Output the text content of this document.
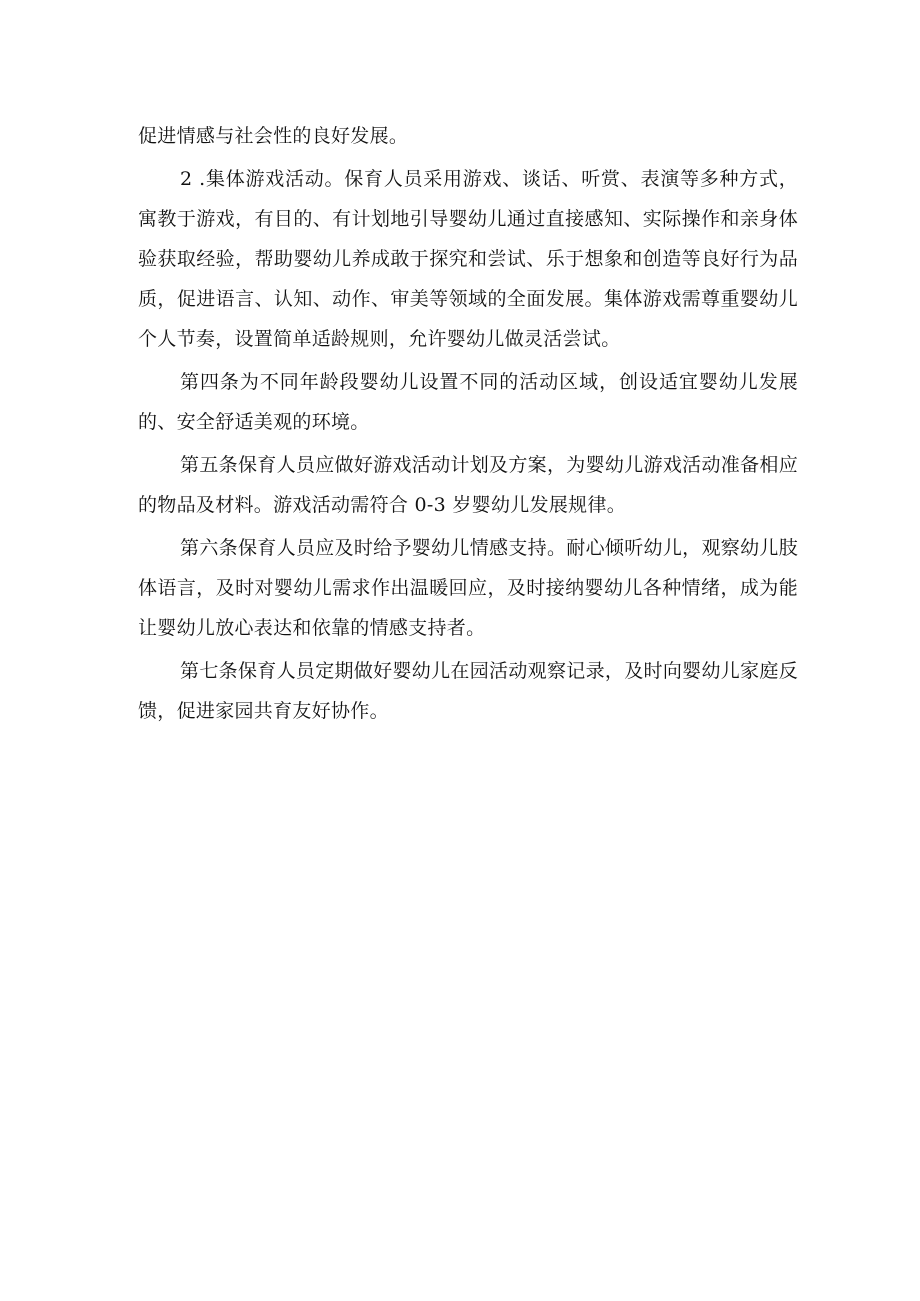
促进情感与社会性的良好发展。

2 .集体游戏活动。保育人员采用游戏、谈话、听赏、表演等多种方式，寓教于游戏，有目的、有计划地引导婴幼儿通过直接感知、实际操作和亲身体验获取经验，帮助婴幼儿养成敢于探究和尝试、乐于想象和创造等良好行为品质，促进语言、认知、动作、审美等领域的全面发展。集体游戏需尊重婴幼儿个人节奏，设置简单适龄规则，允许婴幼儿做灵活尝试。

第四条为不同年龄段婴幼儿设置不同的活动区域，创设适宜婴幼儿发展的、安全舒适美观的环境。

第五条保育人员应做好游戏活动计划及方案，为婴幼儿游戏活动准备相应的物品及材料。游戏活动需符合 0-3 岁婴幼儿发展规律。

第六条保育人员应及时给予婴幼儿情感支持。耐心倾听幼儿，观察幼儿肢体语言，及时对婴幼儿需求作出温暖回应，及时接纳婴幼儿各种情绪，成为能让婴幼儿放心表达和依靠的情感支持者。

第七条保育人员定期做好婴幼儿在园活动观察记录，及时向婴幼儿家庭反馈，促进家园共育友好协作。
